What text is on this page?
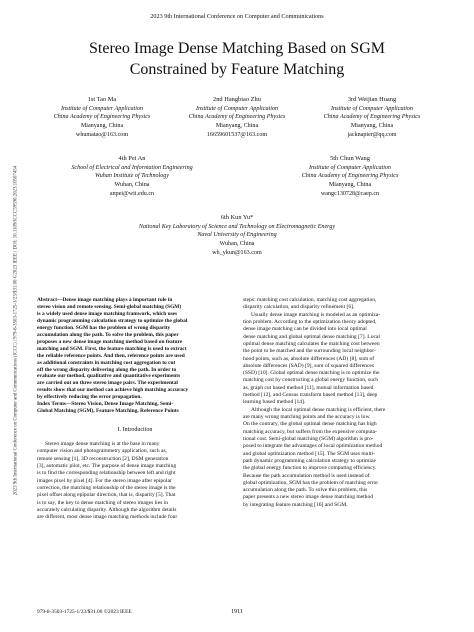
2023 9th International Conference on Computer and Communications (ICCC) | 979-8-3503-1725-1/23/$31.00 ©2023 IEEE | DOI: 10.1109/ICCC59590.2023.10507454
2023 9th International Conference on Computer and Communications
Stereo Image Dense Matching Based on SGM
Constrained by Feature Matching
1st Tao Ma
Institute of Computer Application
China Academy of Engineering Physics
Mianyang, China
whumatao@163.com
2nd Hangbiao Zhu
Institute of Computer Application
China Academy of Engineering Physics
Mianyang, China
16659601537@163.com
3rd Weijian Huang
Institute of Computer Application
China Academy of Engineering Physics
Mianyang, China
jacknapier@qq.com
4th Pei An
School of Electrical and Information Engineering
Wuhan Institute of Technology
Wuhan, China
anpei@wit.edu.cn
5th Chun Wang
Institute of Computer Application
China Academy of Engineering Physics
Mianyang, China
wangc130728@caep.cn
6th Kun Yu*
National Key Laboratory of Science and Technology on Electromagnetic Energy
Naval University of Engineering
Wuhan, China
wh_ykun@163.com
Abstract—Dense image matching plays a important role in
stereo vision and remote sensing. Semi-global matching (SGM)
is a widely used dense image matching framwork, which uses
dynamic programming calculation strategy to optimize the global
energy function. SGM has the problem of wrong disparity
accumulation along the path. To solve the problem, this paper
proposes a new dense image matching method based on feature
matching and SGM. First, the feature matching is used to extract
the reliable reference points. And then, reference points are used
as additional constraints in matching cost aggregation to cut
off the wrong disparity delivering along the path. In order to
evaluate our method, qualitative and quantitative experiments
are carried out on three stereo image pairs. The experimental
results show that our method can achieve high matching accuracy
by effectively reducing the error propagation.
Index Terms—Stereo Vision, Dense Image Matching, Semi-
Global Matching (SGM), Feature Matching, Reference Points
I. Introduction
Stereo image dense matching is at the base in many
computer vision and photogrammetry application, such as,
remote sensing [1], 3D reconstruction [2], DSM generation
[3], automatic pilot, etc. The purpose of dense image matching
is to find the corresponding relationship between left and right
images pixel by pixel [4]. For the stereo image after epipolar
correction, the matching relationship of the stereo image is the
pixel offset along epipolar direction, that is, disparity [5]. That
is to say, the key to dense matching of stereo images lies in
accurately calculating disparity. Although the algorithm details
are different, most dense image matching methods include four
steps: matching cost calculation, matching cost aggregation,
disparity calculation, and disparity refinement [6].
Usually dense image matching is modeled as an optimiza-
tion problem. According to the optimization theory adopted,
dense image matching can be divided into local optimal
dense matching and global optimal dense matching [7]. Local
optimal dense matching calculates the matching cost between
the point to be matched and the surrounding local neighbor-
hood points, such as, absolute differences (AD) [8], sum of
absolute differences (SAD) [9], sum of squared differences
(SSD) [10]. Global optimal dense matching is to optimize the
matching cost by constructing a global energy function, such
as, graph cut based method [11], mutual information based
method [12], and Census transform based method [13], deep
learning based method [14].
Although the local optimal dense matching is efficient, there
are many wrong matching points and the accuracy is low.
On the contrary, the global optimal dense matching has high
matching accuracy, but suffers from the expensive computa-
tional cost. Semi-global matching (SGM) algorithm is pro-
posed to integrate the advantages of local optimization method
and global optimization method [15]. The SGM uses multi-
path dynamic programming calculation strategy to optimize
the global energy function to improve computing efficiency.
Because the path accumulation method is used instead of
global optimization, SGM has the problem of matching error
accumulation along the path. To solve this problem, this
paper presents a new stereo image dense matching method
by integrating feature matching [16] and SGM.
979-8-3503-1725-1/23/$31.00 ©2023 IEEE	1911
